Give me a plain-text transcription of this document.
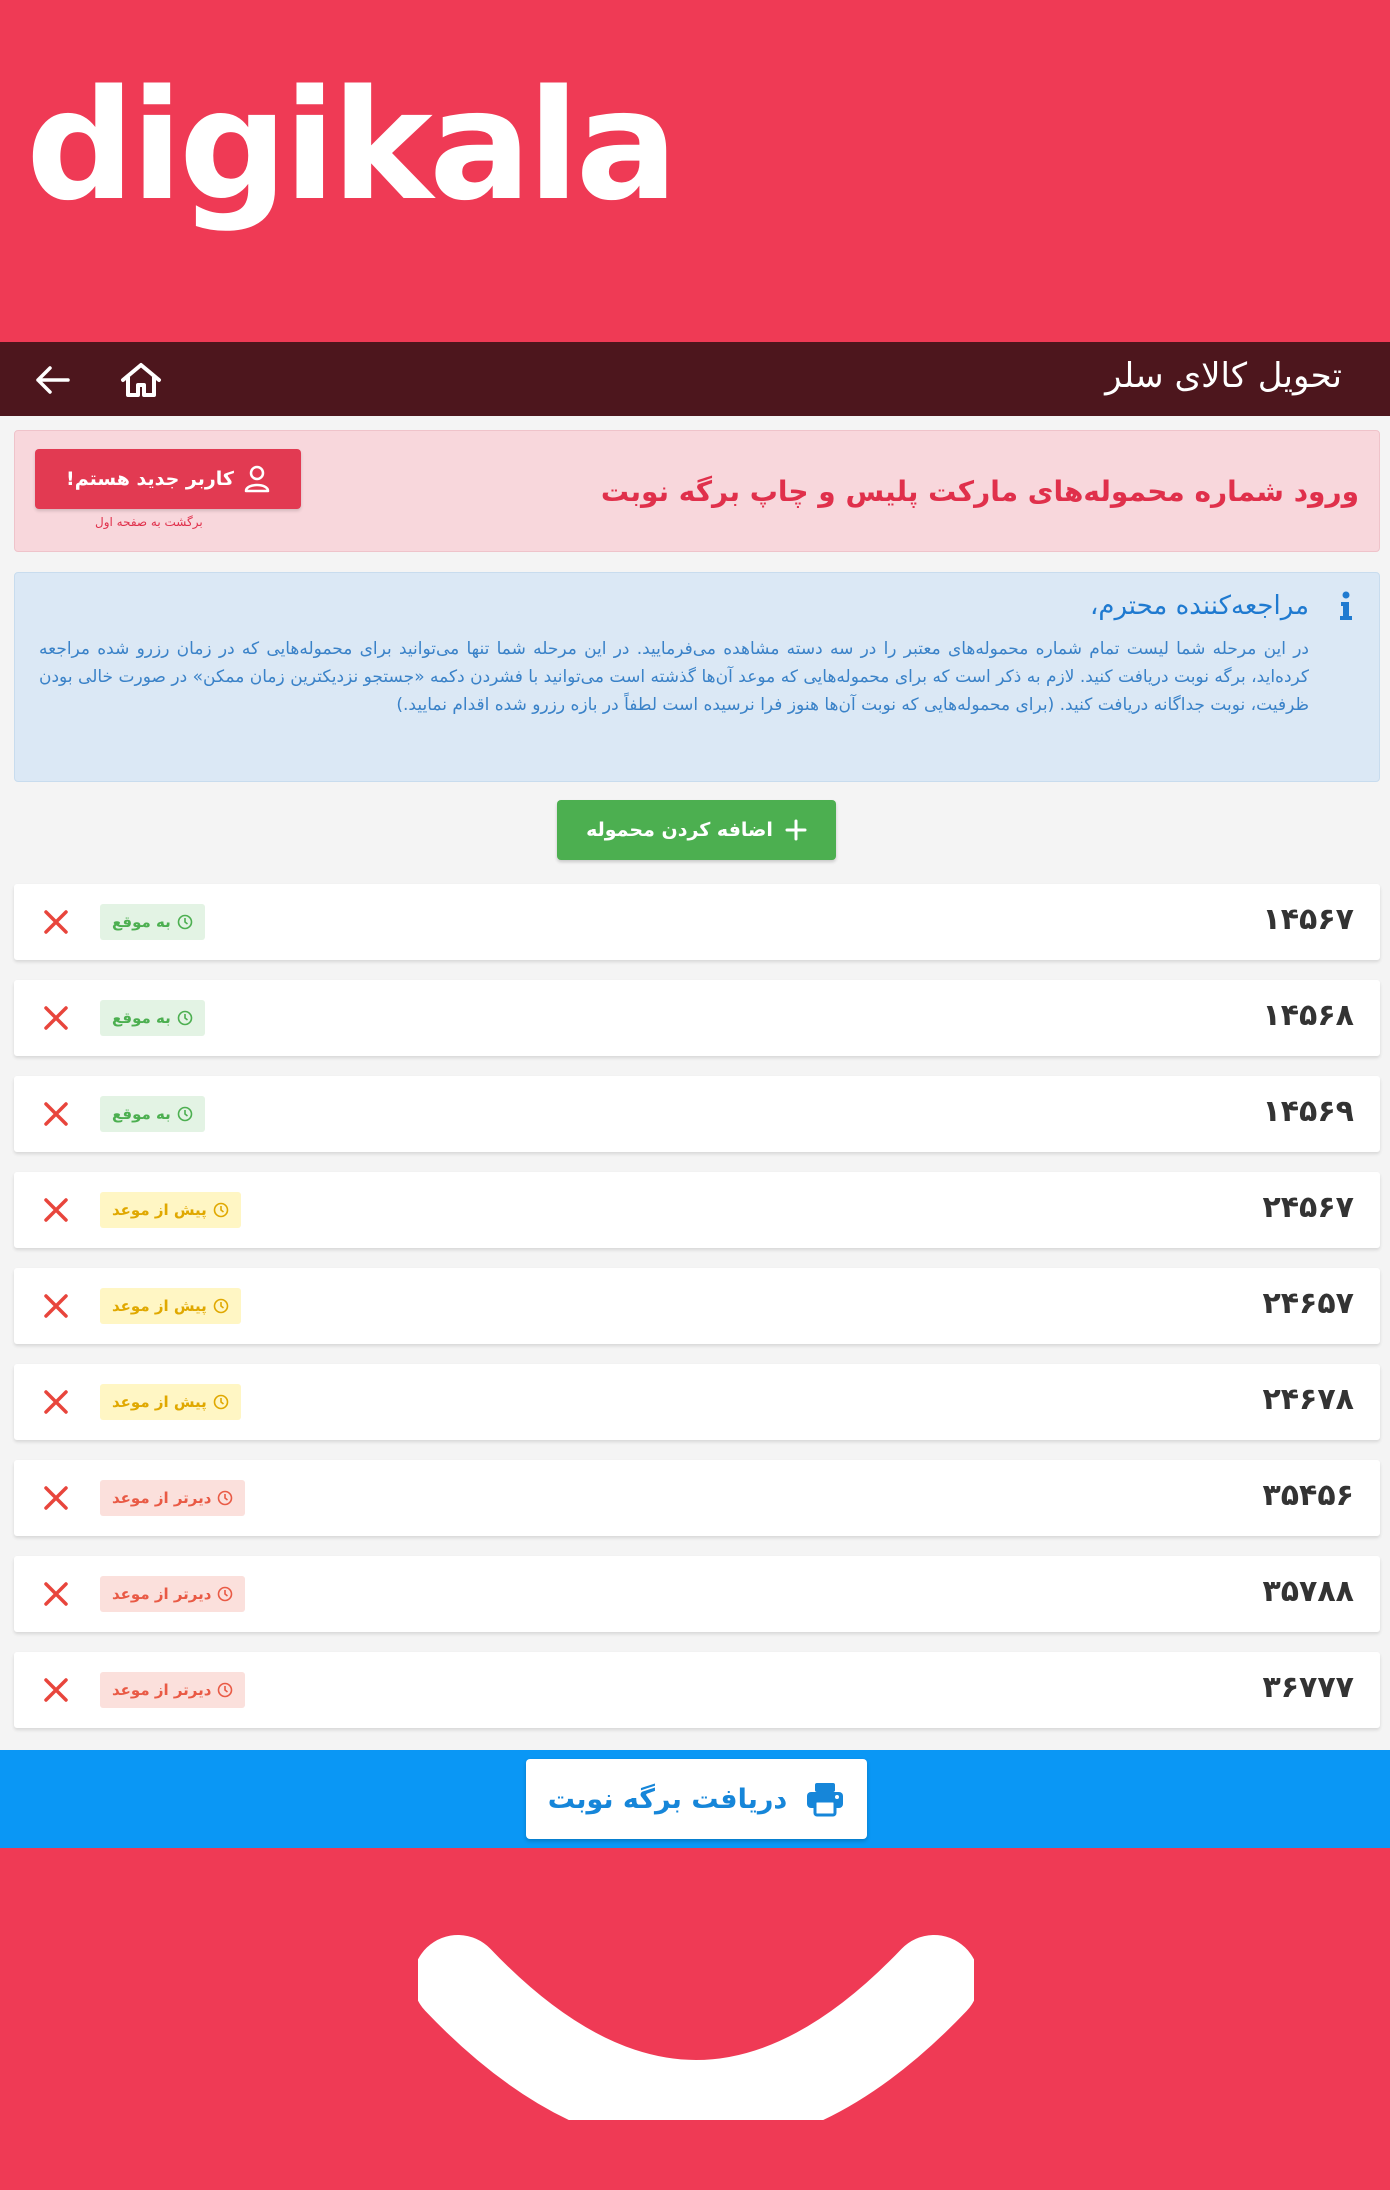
digikala
تحویل کالای سلر
ورود شماره محموله‌های مارکت پلیس و چاپ برگه نوبت
کاربر جدید هستم!
برگشت به صفحه اول
مراجعه‌کننده محترم،
در این مرحله شما لیست تمام شماره محموله‌های معتبر را در سه دسته مشاهده می‌فرمایید. در این مرحله شما تنها می‌توانید برای محموله‌هایی که در زمان رزرو شده مراجعه کرده‌اید، برگه نوبت دریافت کنید. لازم به ذکر است که برای محموله‌هایی که موعد آن‌ها گذشته است می‌توانید با فشردن دکمه «جستجو نزدیکترین زمان ممکن» در صورت خالی بودن ظرفیت، نوبت جداگانه دریافت کنید. (برای محموله‌هایی که نوبت آن‌ها هنوز فرا نرسیده است لطفاً در بازه رزرو شده اقدام نمایید.)
اضافه کردن محموله
۱۴۵۶۷
به موقع
۱۴۵۶۸
به موقع
۱۴۵۶۹
به موقع
۲۴۵۶۷
پیش از موعد
۲۴۶۵۷
پیش از موعد
۲۴۶۷۸
پیش از موعد
۳۵۴۵۶
دیرتر از موعد
۳۵۷۸۸
دیرتر از موعد
۳۶۷۷۷
دیرتر از موعد
دریافت برگه نوبت
